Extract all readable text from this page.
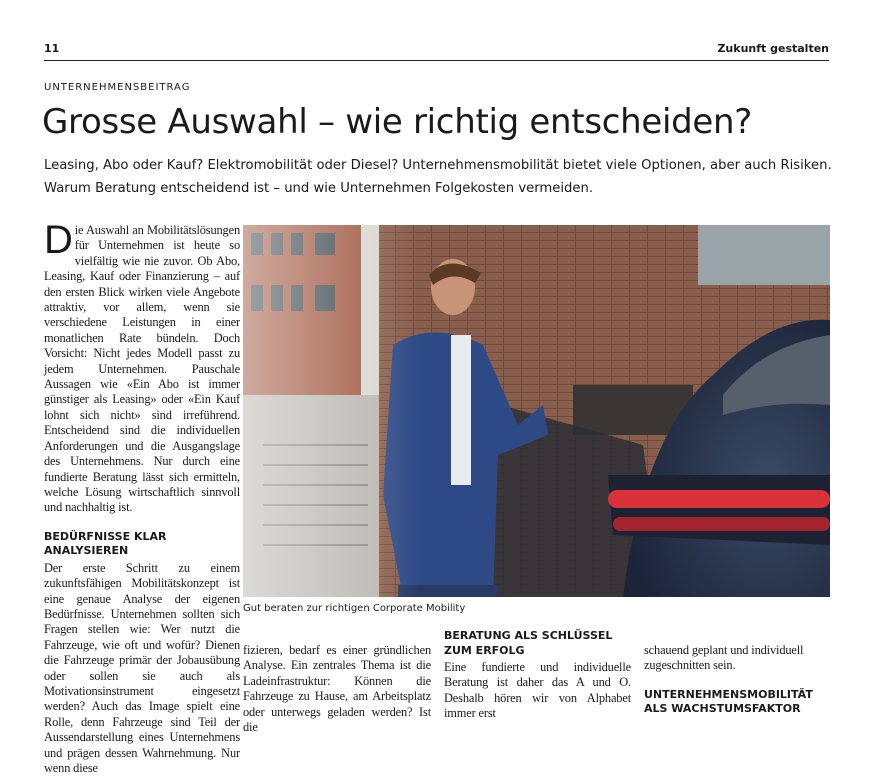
11	Zukunft gestalten
UNTERNEHMENSBEITRAG
Grosse Auswahl – wie richtig entscheiden?
Leasing, Abo oder Kauf? Elektromobilität oder Diesel? Unternehmensmobilität bietet viele Optionen, aber auch Risiken.
Warum Beratung entscheidend ist – und wie Unternehmen Folgekosten vermeiden.

Die Auswahl an Mobilitätslösungen für Unternehmen ist heute so vielfältig wie nie zuvor. Ob Abo, Leasing, Kauf oder Finanzierung – auf den ersten Blick wirken viele Angebote attraktiv, vor allem, wenn sie verschiedene Leistungen in einer monatlichen Rate bündeln. Doch Vorsicht: Nicht jedes Modell passt zu jedem Unternehmen. Pauschale Aussagen wie «Ein Abo ist immer günstiger als Leasing» oder «Ein Kauf lohnt sich nicht» sind irreführend. Entscheidend sind die individuellen Anforderungen und die Ausgangslage des Unternehmens. Nur durch eine fundierte Beratung lässt sich ermitteln, welche Lösung wirtschaftlich sinnvoll und nachhaltig ist.

BEDÜRFNISSE KLAR ANALYSIEREN

Der erste Schritt zu einem zukunftsfähigen Mobilitätskonzept ist eine genaue Analyse der eigenen Bedürfnisse. Unternehmen sollten sich Fragen stellen wie: Wer nutzt die Fahrzeuge, wie oft und wofür? Dienen die Fahrzeuge primär der Jobausübung oder sollen sie auch als Motivationsinstrument eingesetzt werden? Auch das Image spielt eine Rolle, denn Fahrzeuge sind Teil der Aussendarstellung eines Unternehmens und prägen dessen Wahrnehmung. Nur wenn diese

Gut beraten zur richtigen Corporate Mobility

fizieren, bedarf es einer gründlichen Analyse. Ein zentrales Thema ist die Ladeinfrastruktur: Können die Fahrzeuge zu Hause, am Arbeitsplatz oder unterwegs geladen werden? Ist die

BERATUNG ALS SCHLÜSSEL ZUM ERFOLG

Eine fundierte und individuelle Beratung ist daher das A und O. Deshalb hören wir von Alphabet immer erst

schauend geplant und individuell zugeschnitten sein.

UNTERNEHMENSMOBILITÄT ALS WACHSTUMSFAKTOR
